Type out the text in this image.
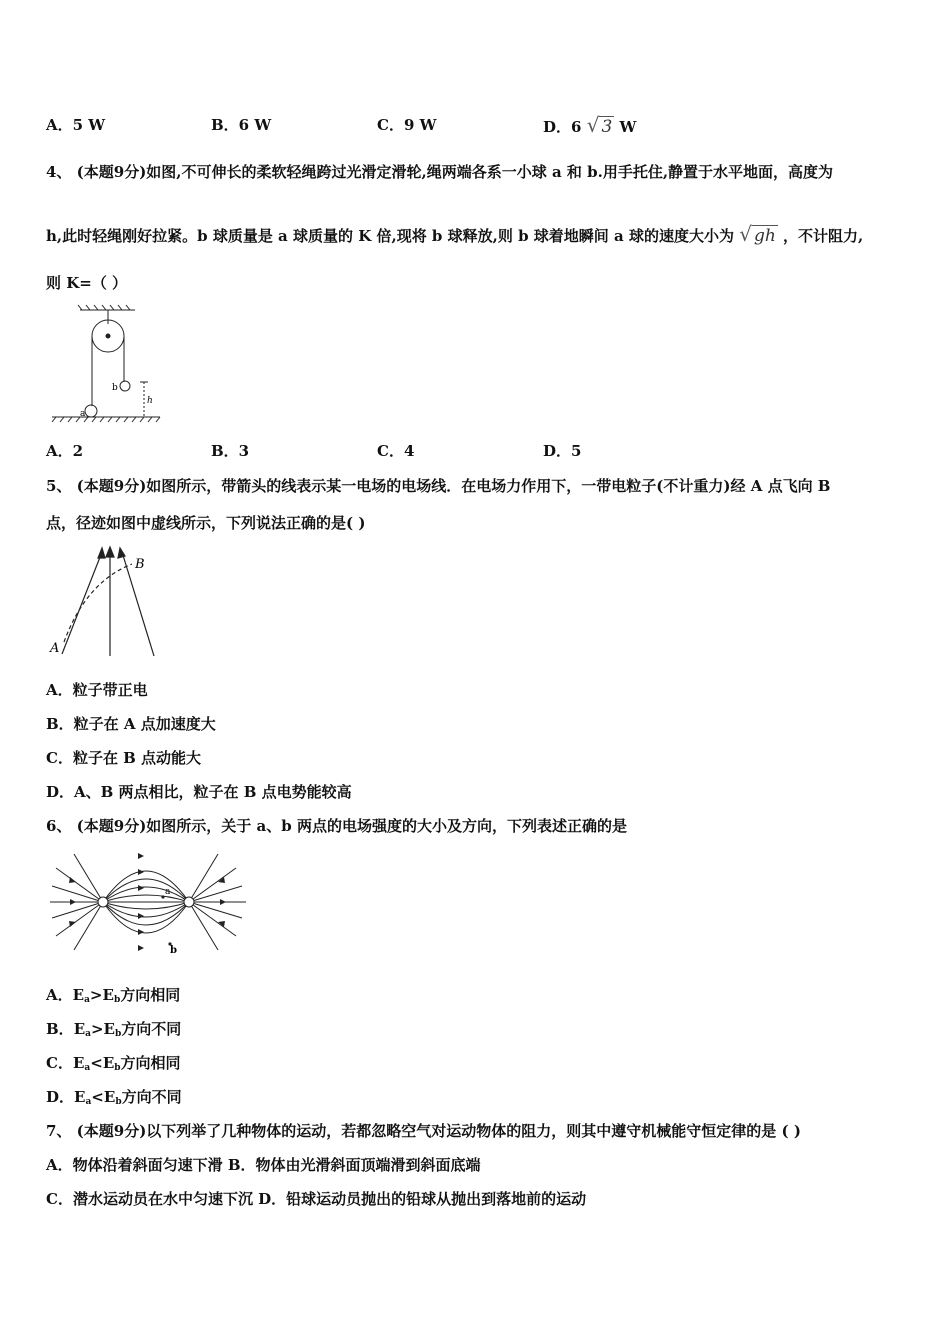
A．5 W	B．6 W	C．9 W	D．6 √ 3 W
4、 (本题9分)如图,不可伸长的柔软轻绳跨过光滑定滑轮,绳两端各系一小球 a 和 b.用手托住,静置于水平地面，高度为
h,此时轻绳刚好拉紧。b 球质量是 a 球质量的 K 倍,现将 b 球释放,则 b 球着地瞬间 a 球的速度大小为 √ gh ，不计阻力,
则 K=（ ）
b
a
h
A．2	B．3	C．4	D．5
5、 (本题9分)如图所示，带箭头的线表示某一电场的电场线．在电场力作用下，一带电粒子(不计重力)经 A 点飞向 B
点，径迹如图中虚线所示，下列说法正确的是( )
A
B
A．粒子带正电
B．粒子在 A 点加速度大
C．粒子在 B 点动能大
D．A、B 两点相比，粒子在 B 点电势能较高
6、 (本题9分)如图所示，关于 a、b 两点的电场强度的大小及方向，下列表述正确的是
a
b
A．$E_a>E_b$方向相同
B．$E_a>E_b$方向不同
C．$E_a<E_b$方向相同
D．$E_a<E_b$方向不同
7、 (本题9分)以下列举了几种物体的运动，若都忽略空气对运动物体的阻力，则其中遵守机械能守恒定律的是 ( )
A．物体沿着斜面匀速下滑 B．物体由光滑斜面顶端滑到斜面底端
C．潜水运动员在水中匀速下沉 D．铅球运动员抛出的铅球从抛出到落地前的运动
